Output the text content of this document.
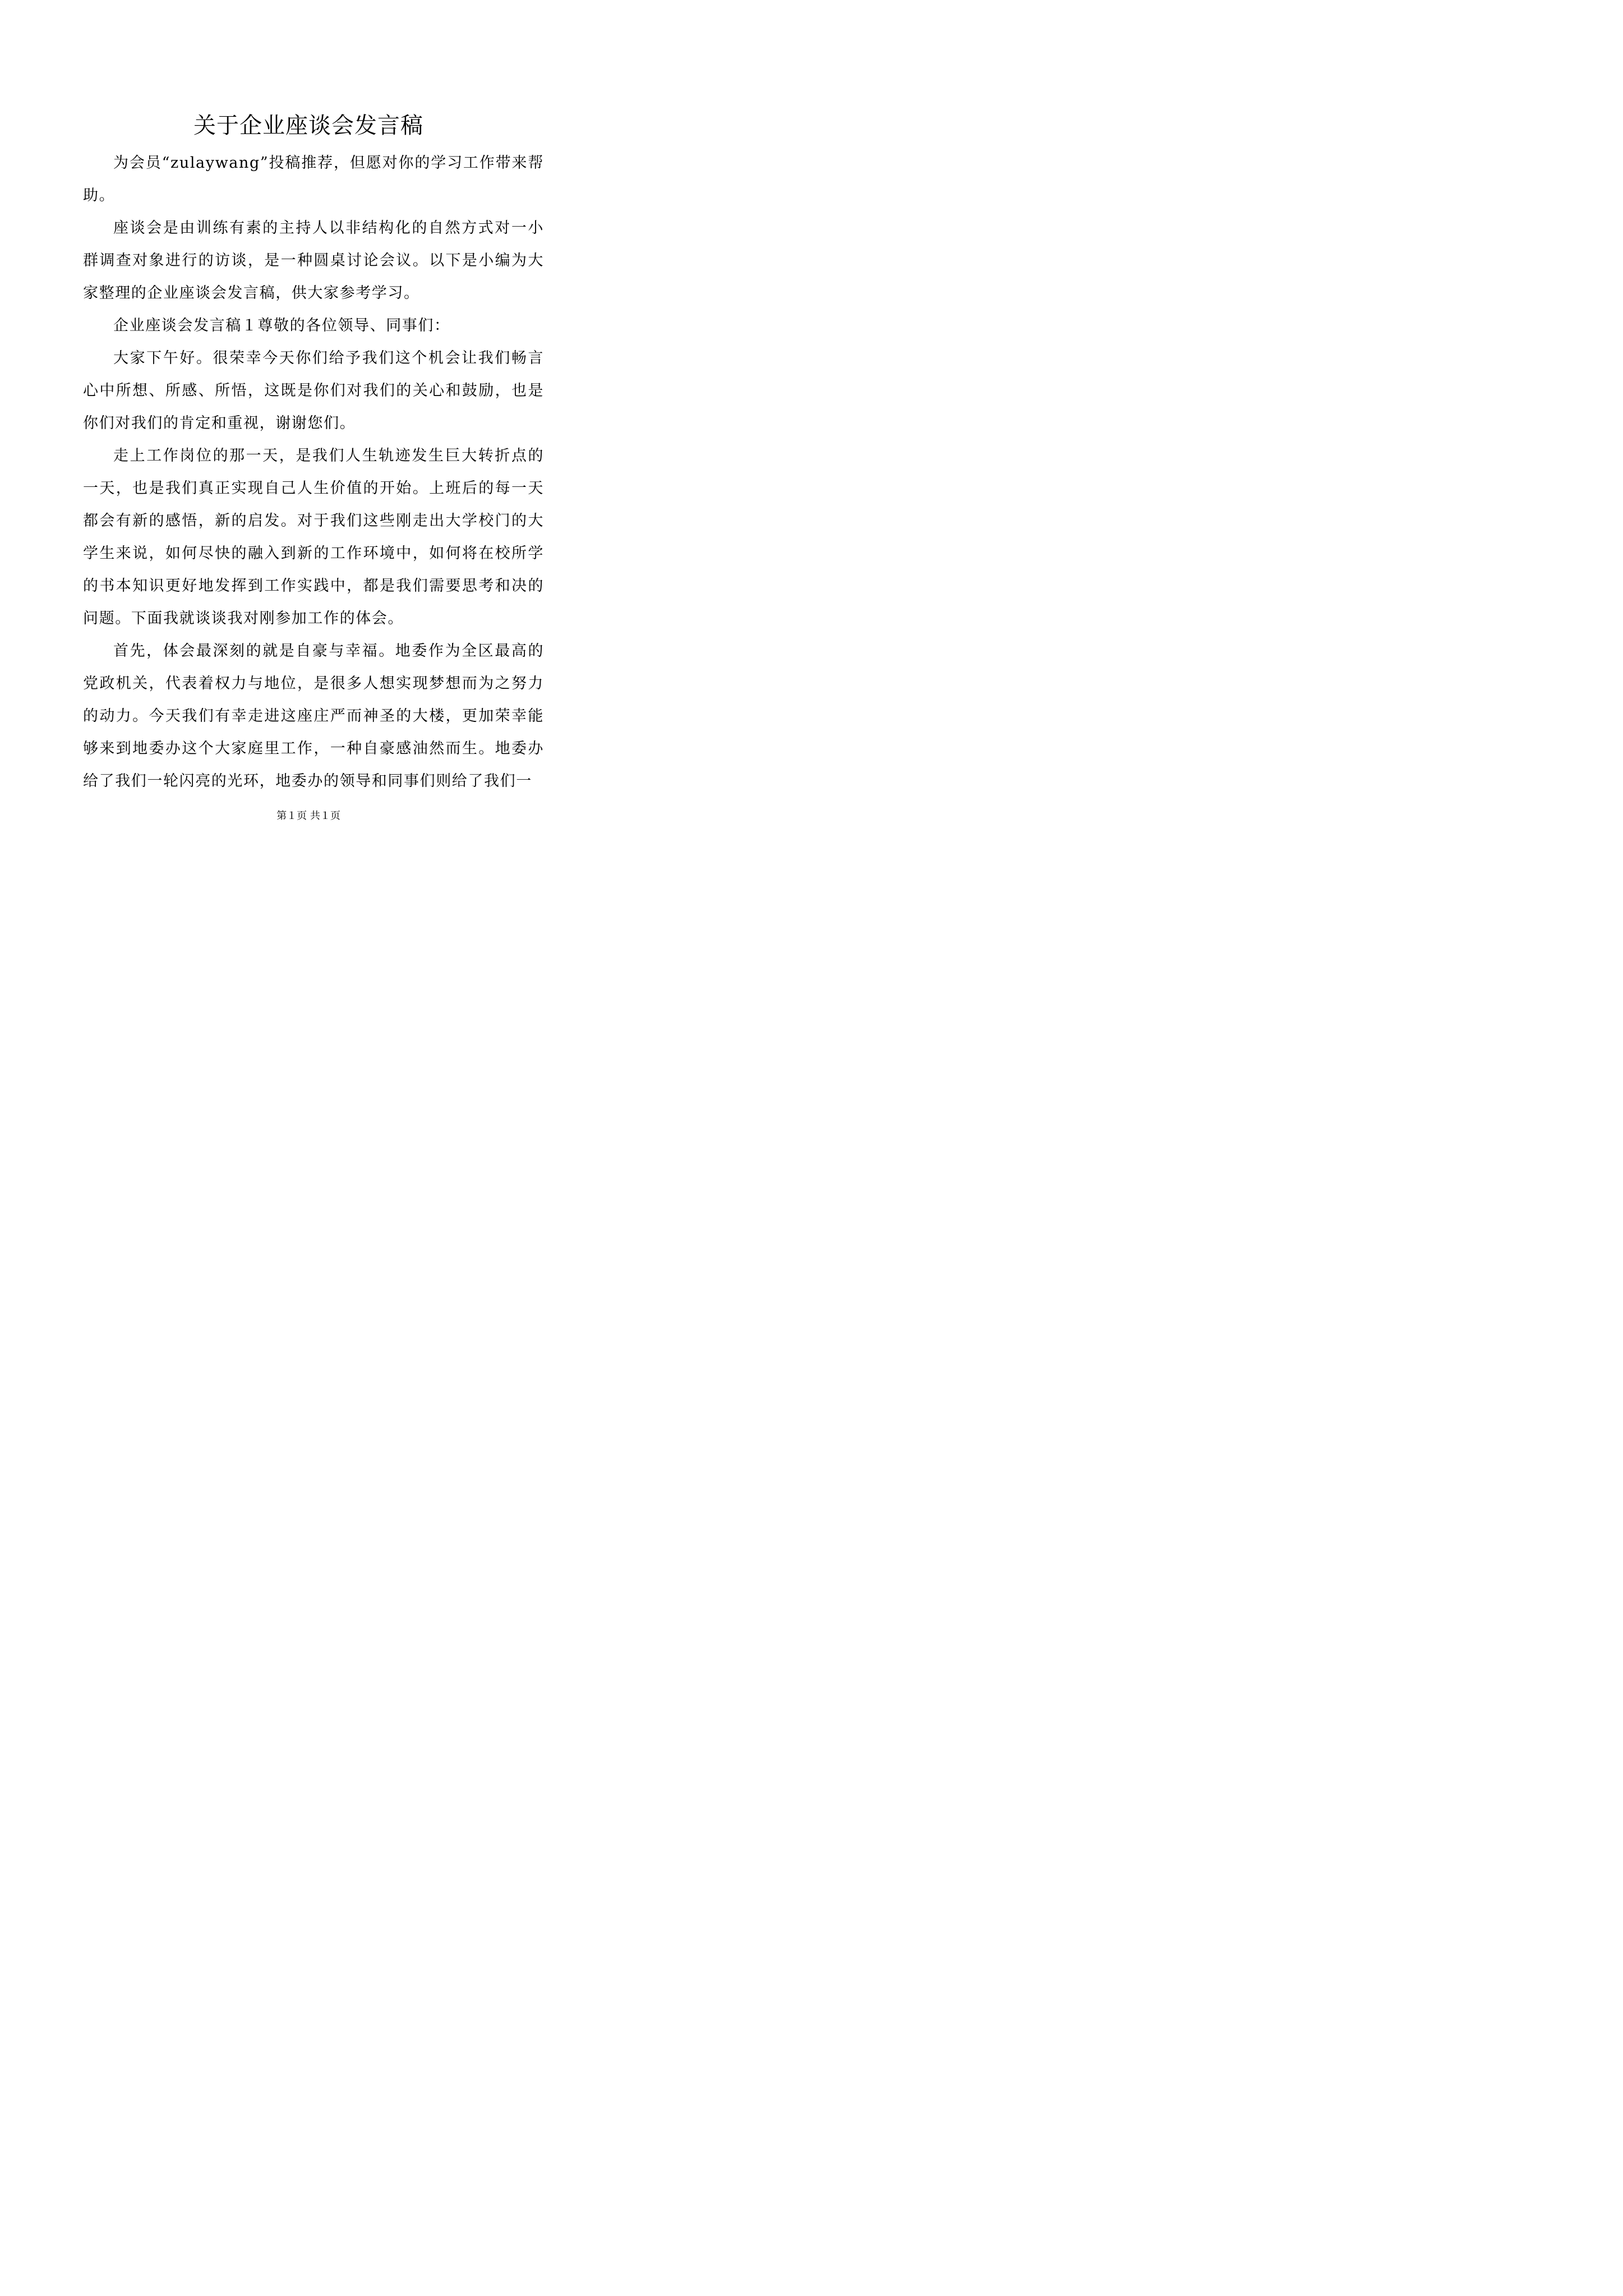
关于企业座谈会发言稿

为会员“zulaywang”投稿推荐，但愿对你的学习工作带来帮助。

座谈会是由训练有素的主持人以非结构化的自然方式对一小群调查对象进行的访谈，是一种圆桌讨论会议。以下是小编为大家整理的企业座谈会发言稿，供大家参考学习。

企业座谈会发言稿１尊敬的各位领导、同事们：

大家下午好。很荣幸今天你们给予我们这个机会让我们畅言心中所想、所感、所悟，这既是你们对我们的关心和鼓励，也是你们对我们的肯定和重视，谢谢您们。

走上工作岗位的那一天，是我们人生轨迹发生巨大转折点的一天，也是我们真正实现自己人生价值的开始。上班后的每一天都会有新的感悟，新的启发。对于我们这些刚走出大学校门的大学生来说，如何尽快的融入到新的工作环境中，如何将在校所学的书本知识更好地发挥到工作实践中，都是我们需要思考和决的问题。下面我就谈谈我对刚参加工作的体会。

首先，体会最深刻的就是自豪与幸福。地委作为全区最高的党政机关，代表着权力与地位，是很多人想实现梦想而为之努力的动力。今天我们有幸走进这座庄严而神圣的大楼，更加荣幸能够来到地委办这个大家庭里工作，一种自豪感油然而生。地委办给了我们一轮闪亮的光环，地委办的领导和同事们则给了我们一

第１页 共１页
